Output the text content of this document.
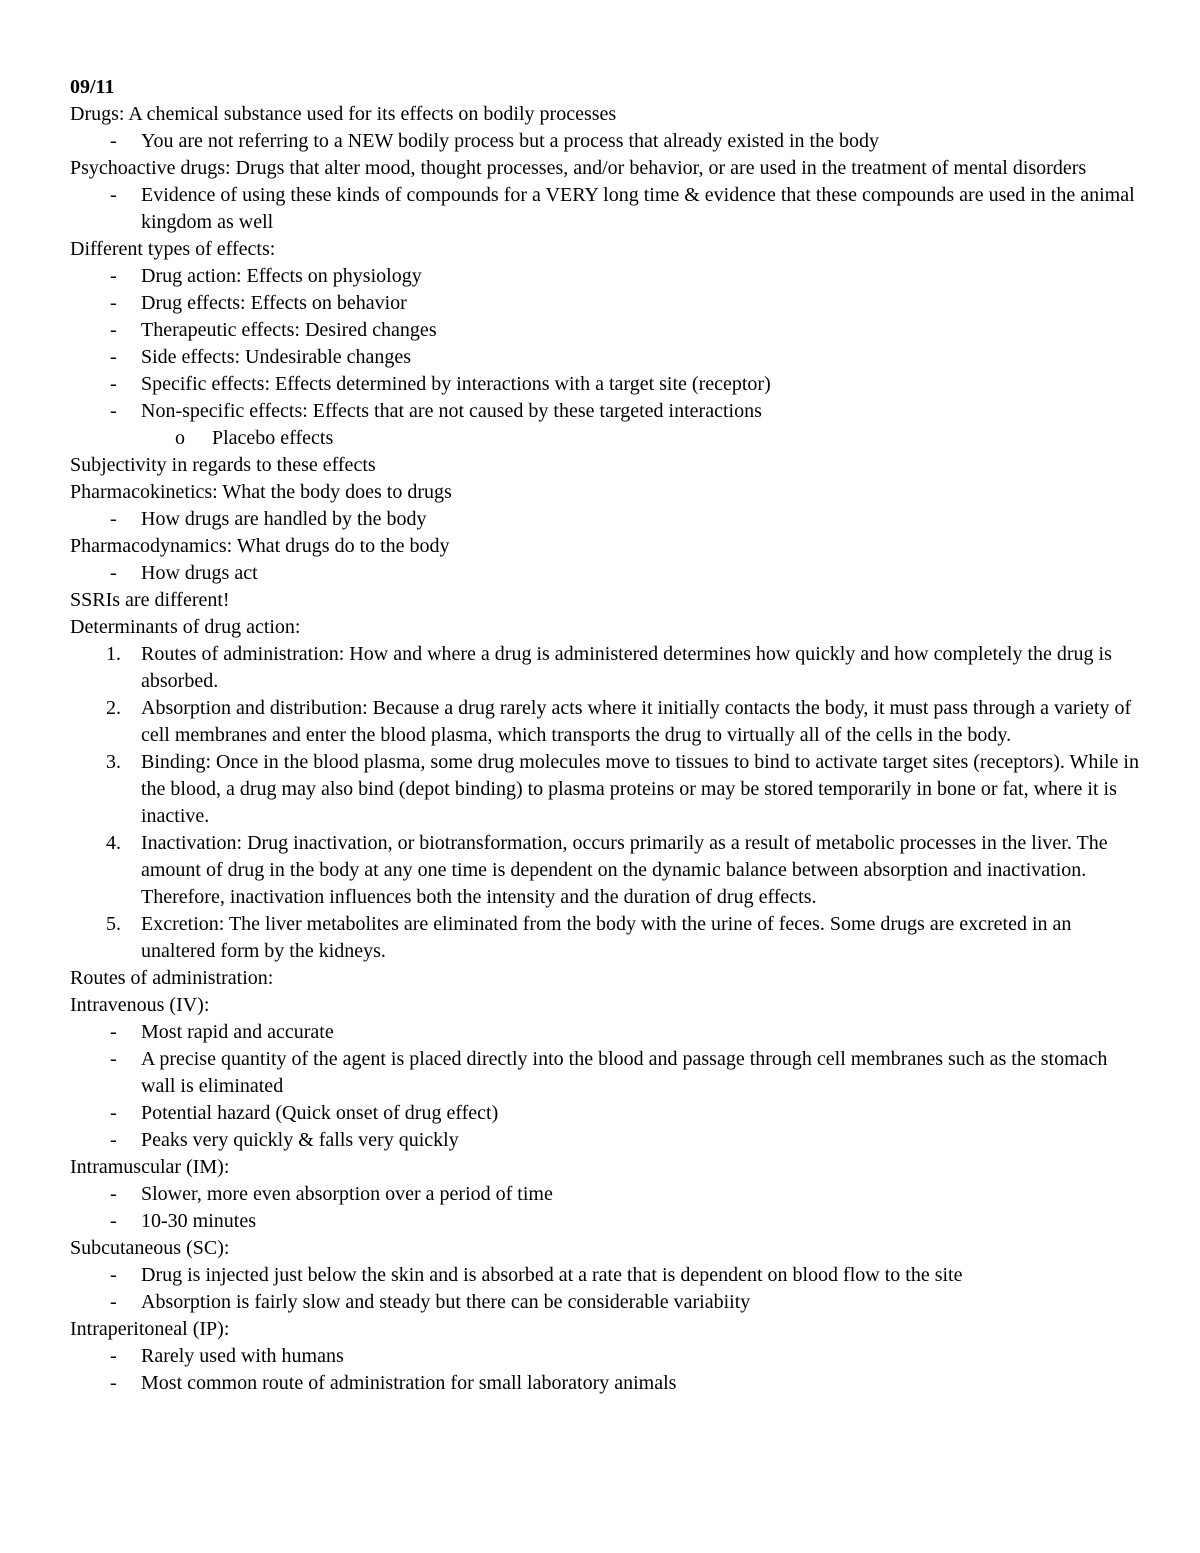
09/11
Drugs: A chemical substance used for its effects on bodily processes
- You are not referring to a NEW bodily process but a process that already existed in the body
Psychoactive drugs: Drugs that alter mood, thought processes, and/or behavior, or are used in the treatment of mental disorders
- Evidence of using these kinds of compounds for a VERY long time & evidence that these compounds are used in the animal kingdom as well
Different types of effects:
- Drug action: Effects on physiology
- Drug effects: Effects on behavior
- Therapeutic effects: Desired changes
- Side effects: Undesirable changes
- Specific effects: Effects determined by interactions with a target site (receptor)
- Non-specific effects: Effects that are not caused by these targeted interactions
o Placebo effects
Subjectivity in regards to these effects
Pharmacokinetics: What the body does to drugs
- How drugs are handled by the body
Pharmacodynamics: What drugs do to the body
- How drugs act
SSRIs are different!
Determinants of drug action:
1. Routes of administration: How and where a drug is administered determines how quickly and how completely the drug is absorbed.
2. Absorption and distribution: Because a drug rarely acts where it initially contacts the body, it must pass through a variety of cell membranes and enter the blood plasma, which transports the drug to virtually all of the cells in the body.
3. Binding: Once in the blood plasma, some drug molecules move to tissues to bind to activate target sites (receptors). While in the blood, a drug may also bind (depot binding) to plasma proteins or may be stored temporarily in bone or fat, where it is inactive.
4. Inactivation: Drug inactivation, or biotransformation, occurs primarily as a result of metabolic processes in the liver. The amount of drug in the body at any one time is dependent on the dynamic balance between absorption and inactivation. Therefore, inactivation influences both the intensity and the duration of drug effects.
5. Excretion: The liver metabolites are eliminated from the body with the urine of feces. Some drugs are excreted in an unaltered form by the kidneys.
Routes of administration:
Intravenous (IV):
- Most rapid and accurate
- A precise quantity of the agent is placed directly into the blood and passage through cell membranes such as the stomach wall is eliminated
- Potential hazard (Quick onset of drug effect)
- Peaks very quickly & falls very quickly
Intramuscular (IM):
- Slower, more even absorption over a period of time
- 10-30 minutes
Subcutaneous (SC):
- Drug is injected just below the skin and is absorbed at a rate that is dependent on blood flow to the site
- Absorption is fairly slow and steady but there can be considerable variabiity
Intraperitoneal (IP):
- Rarely used with humans
- Most common route of administration for small laboratory animals
